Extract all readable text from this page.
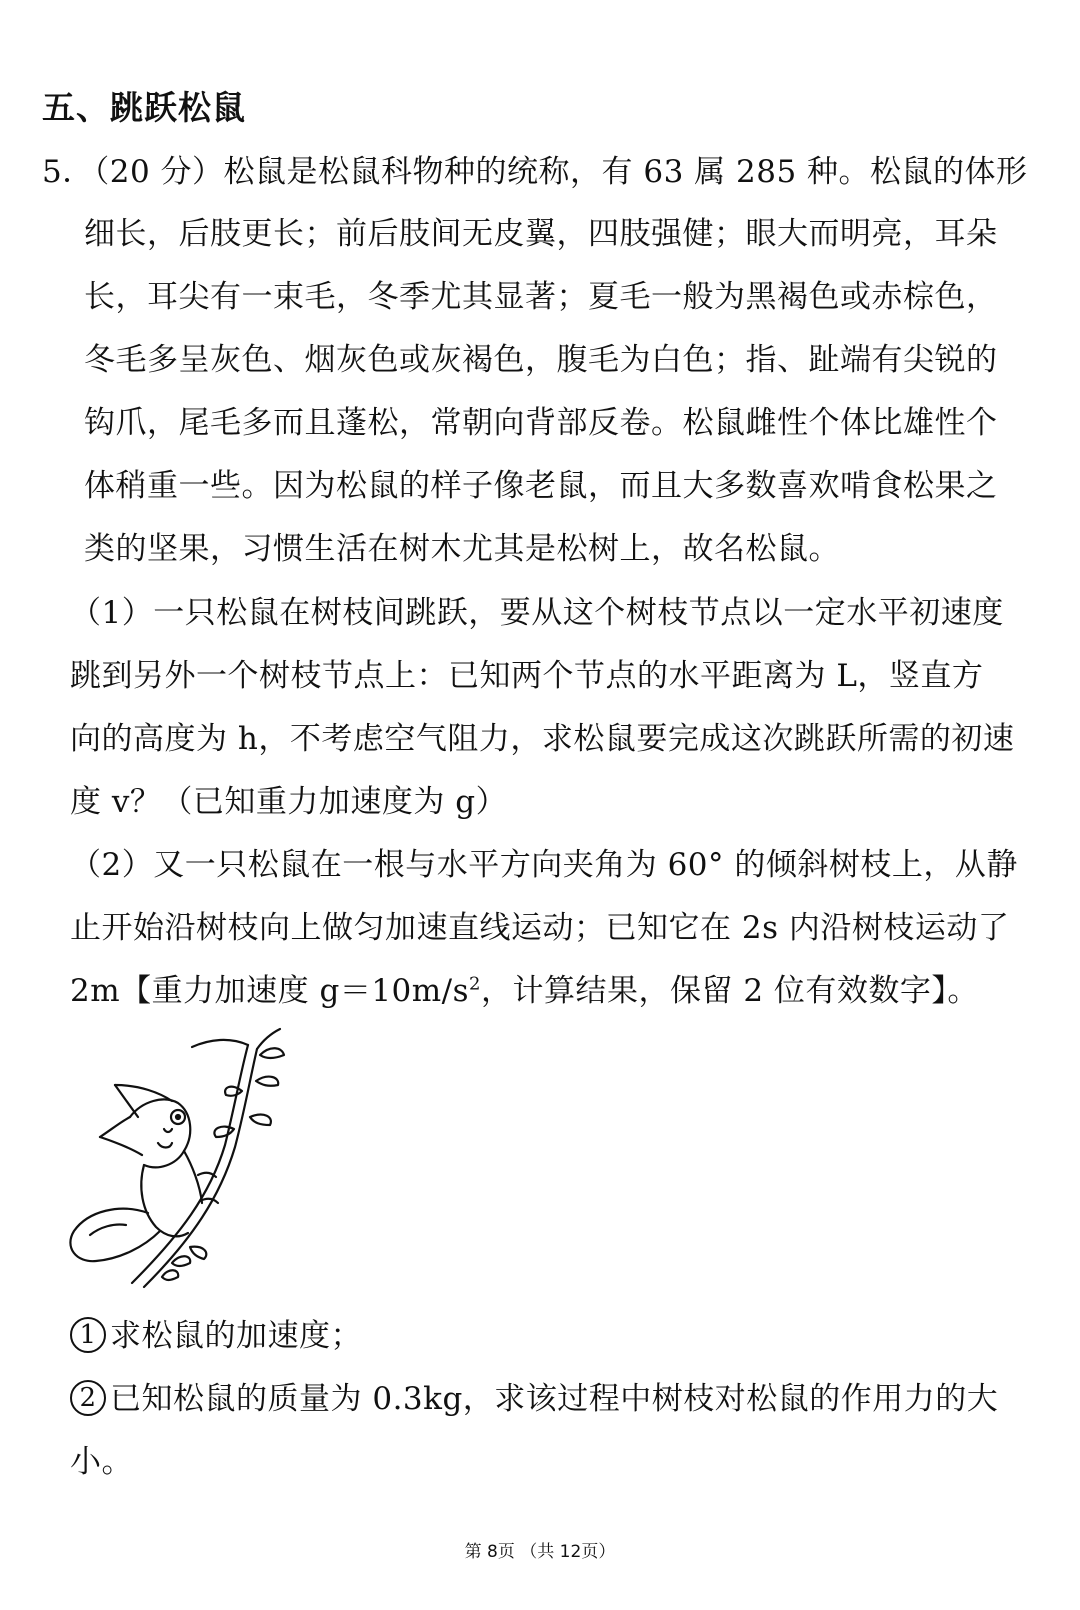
五、跳跃松鼠
5．（20 分）松鼠是松鼠科物种的统称，有 63 属 285 种。松鼠的体形
细长，后肢更长；前后肢间无皮翼，四肢强健；眼大而明亮，耳朵
长，耳尖有一束毛，冬季尤其显著；夏毛一般为黑褐色或赤棕色，
冬毛多呈灰色、烟灰色或灰褐色，腹毛为白色；指、趾端有尖锐的
钩爪，尾毛多而且蓬松，常朝向背部反卷。松鼠雌性个体比雄性个
体稍重一些。因为松鼠的样子像老鼠，而且大多数喜欢啃食松果之
类的坚果，习惯生活在树木尤其是松树上，故名松鼠。
（1）一只松鼠在树枝间跳跃，要从这个树枝节点以一定水平初速度
跳到另外一个树枝节点上：已知两个节点的水平距离为 L，竖直方
向的高度为 h，不考虑空气阻力，求松鼠要完成这次跳跃所需的初速
度 v？（已知重力加速度为 g）
（2）又一只松鼠在一根与水平方向夹角为 60° 的倾斜树枝上，从静
止开始沿树枝向上做匀加速直线运动；已知它在 2s 内沿树枝运动了
2m【重力加速度 $g=10m/s^2$，计算结果，保留 2 位有效数字】。
1 求松鼠的加速度；
2 已知松鼠的质量为 0.3kg，求该过程中树枝对松鼠的作用力的大
小。
第 8页 （共 12页）
